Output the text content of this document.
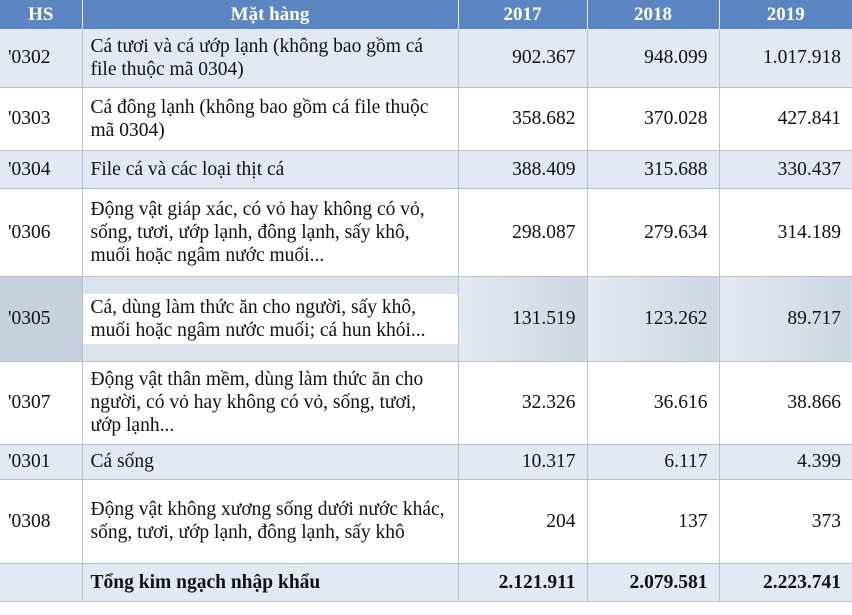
HS	Mặt hàng	2017	2018	2019
'0302	Cá tươi và cá ướp lạnh (không bao gồm cá file thuộc mã 0304)	902.367	948.099	1.017.918
'0303	Cá đông lạnh (không bao gồm cá file thuộc mã 0304)	358.682	370.028	427.841
'0304	File cá và các loại thịt cá	388.409	315.688	330.437
'0306	Động vật giáp xác, có vỏ hay không có vỏ, sống, tươi, ướp lạnh, đông lạnh, sấy khô, muối hoặc ngâm nước muối...	298.087	279.634	314.189
'0305	Cá, dùng làm thức ăn cho người, sấy khô, muối hoặc ngâm nước muối; cá hun khói...	131.519	123.262	89.717
'0307	Động vật thân mềm, dùng làm thức ăn cho người, có vỏ hay không có vỏ, sống, tươi, ướp lạnh...	32.326	36.616	38.866
'0301	Cá sống	10.317	6.117	4.399
'0308	Động vật không xương sống dưới nước khác, sống, tươi, ướp lạnh, đông lạnh, sấy khô	204	137	373
	Tổng kim ngạch nhập khẩu	2.121.911	2.079.581	2.223.741
